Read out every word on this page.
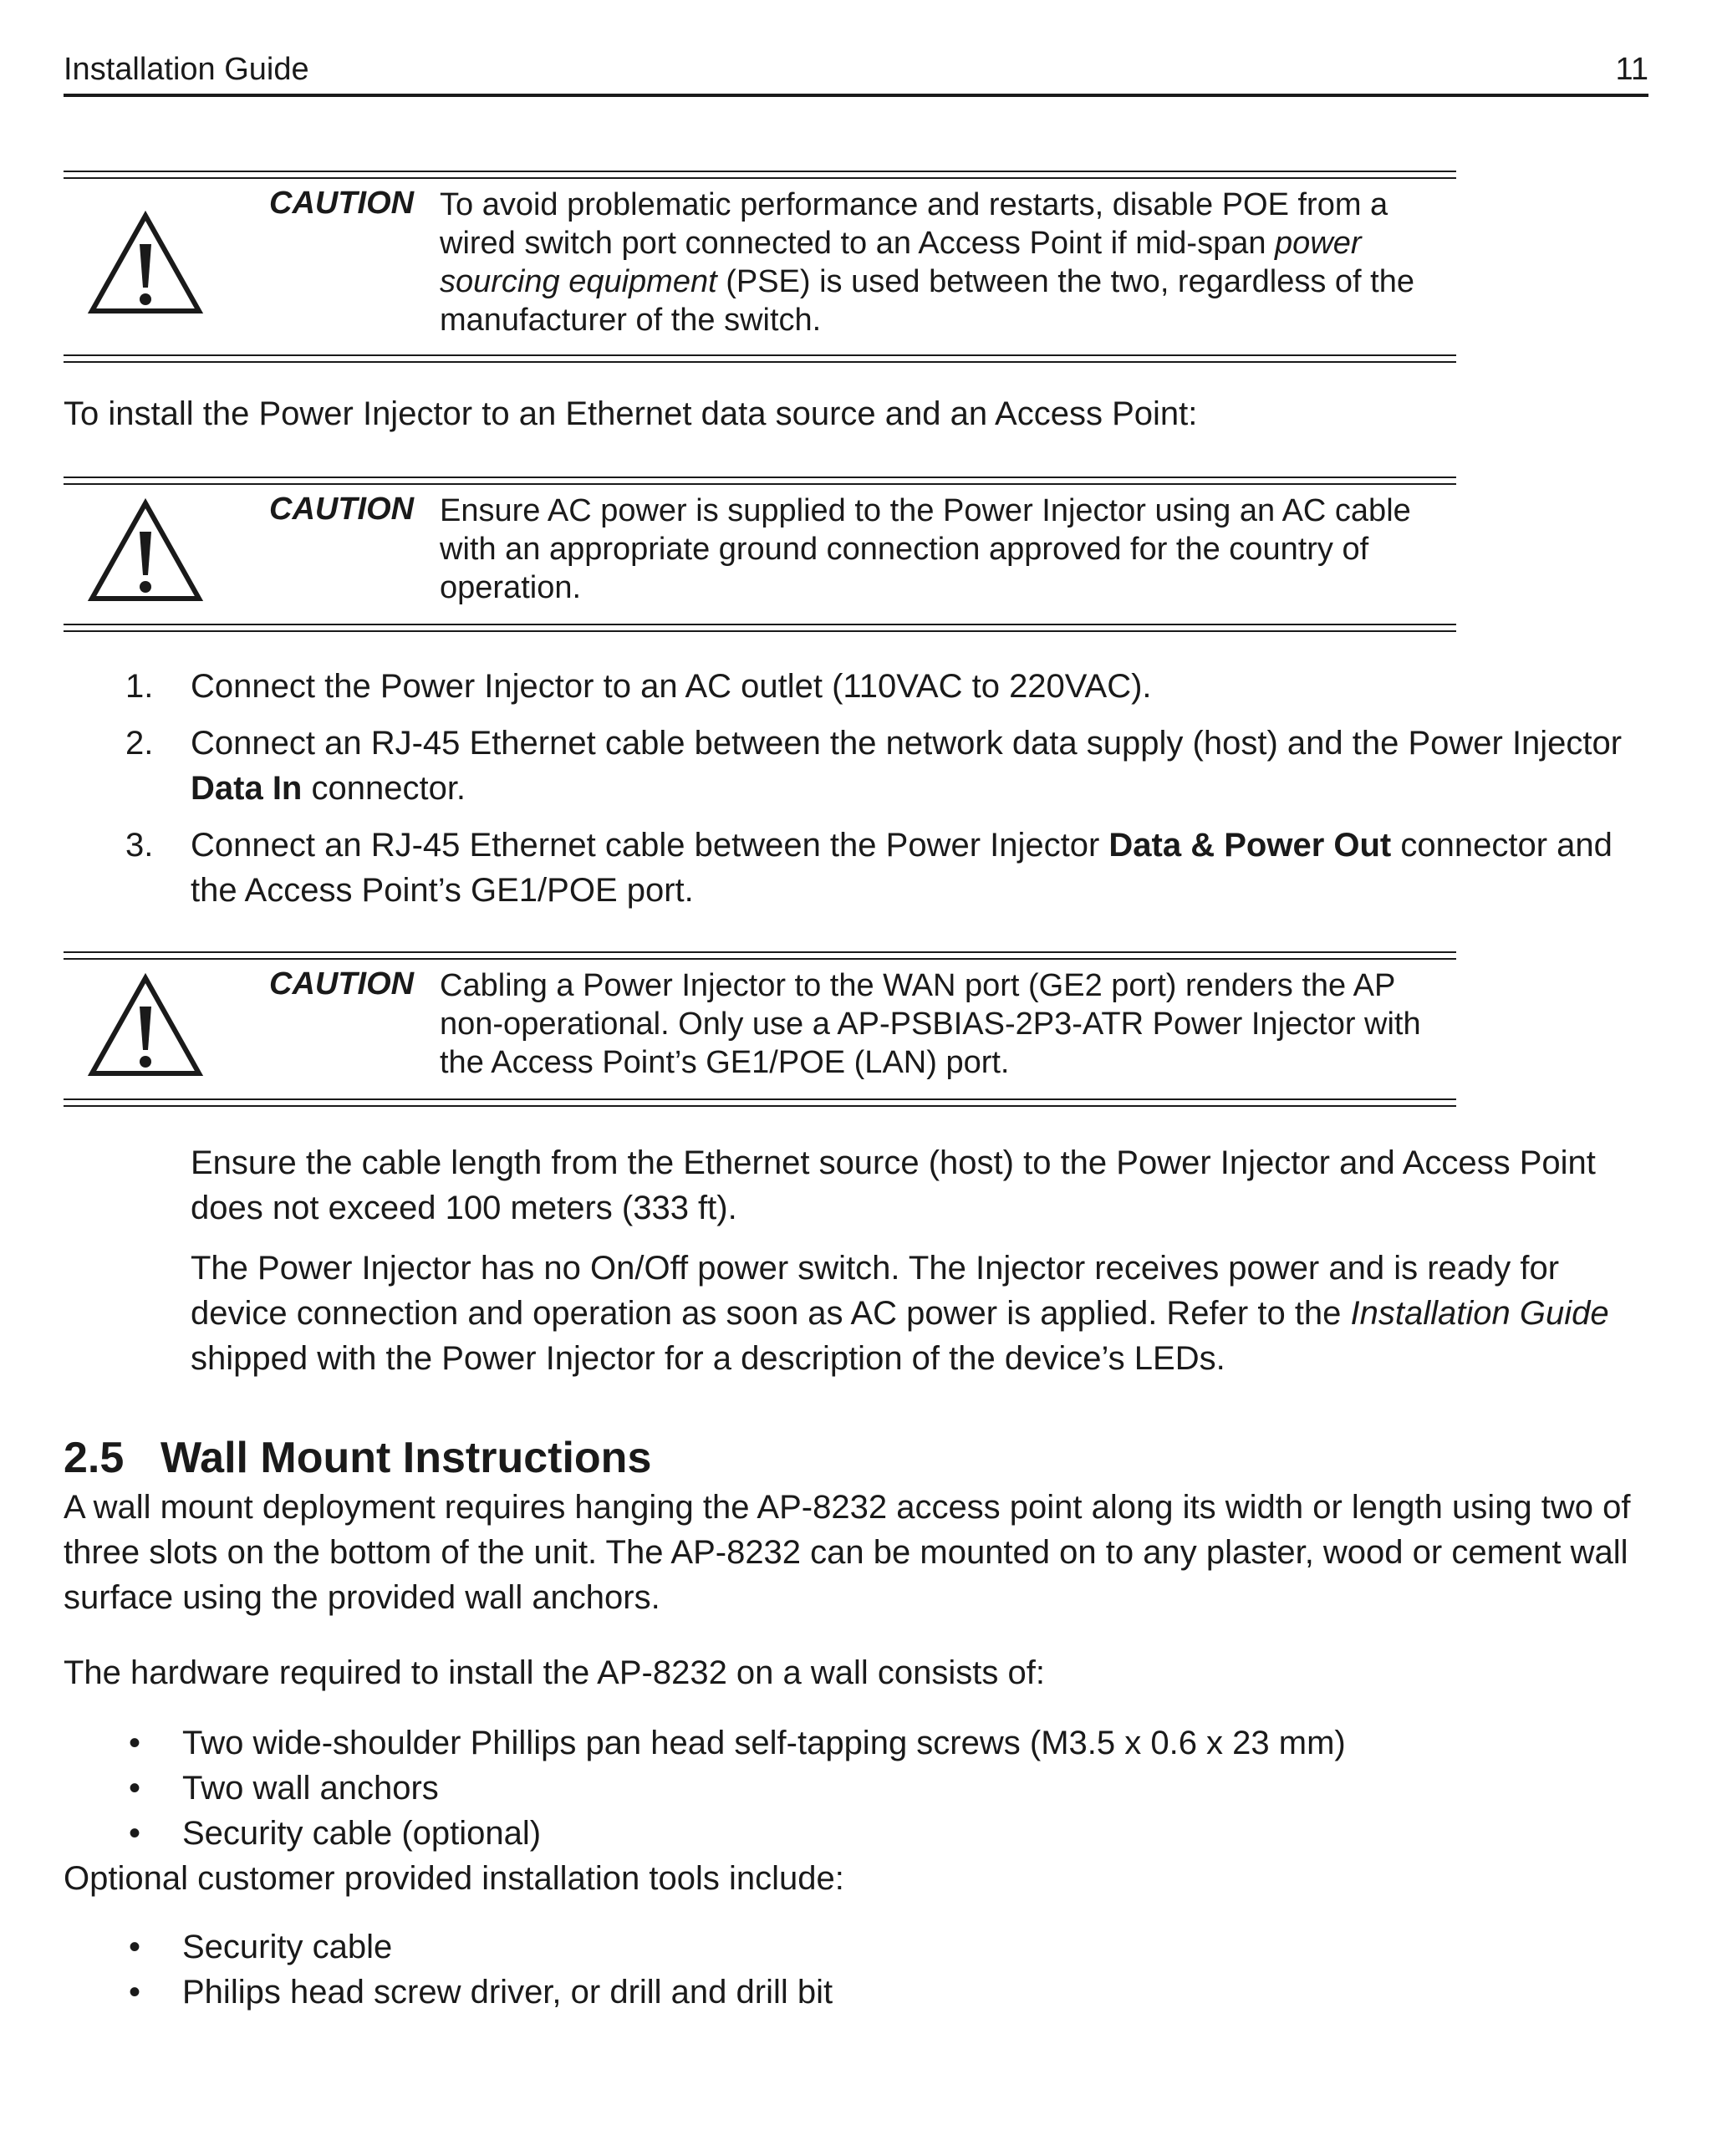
Installation Guide	11
CAUTION To avoid problematic performance and restarts, disable POE from a wired switch port connected to an Access Point if mid-span power sourcing equipment (PSE) is used between the two, regardless of the manufacturer of the switch.

To install the Power Injector to an Ethernet data source and an Access Point:

CAUTION Ensure AC power is supplied to the Power Injector using an AC cable with an appropriate ground connection approved for the country of operation.
1. Connect the Power Injector to an AC outlet (110VAC to 220VAC).

2. Connect an RJ-45 Ethernet cable between the network data supply (host) and the Power Injector Data In connector.

3. Connect an RJ-45 Ethernet cable between the Power Injector Data & Power Out connector and the Access Point’s GE1/POE port.

CAUTION Cabling a Power Injector to the WAN port (GE2 port) renders the AP non-operational. Only use a AP-PSBIAS-2P3-ATR Power Injector with the Access Point’s GE1/POE (LAN) port.

Ensure the cable length from the Ethernet source (host) to the Power Injector and Access Point does not exceed 100 meters (333 ft).

The Power Injector has no On/Off power switch. The Injector receives power and is ready for device connection and operation as soon as AC power is applied. Refer to the Installation Guide shipped with the Power Injector for a description of the device’s LEDs.

2.5 Wall Mount Instructions

A wall mount deployment requires hanging the AP-8232 access point along its width or length using two of three slots on the bottom of the unit. The AP-8232 can be mounted on to any plaster, wood or cement wall surface using the provided wall anchors.

The hardware required to install the AP-8232 on a wall consists of:

• Two wide-shoulder Phillips pan head self-tapping screws (M3.5 x 0.6 x 23 mm)

• Two wall anchors

• Security cable (optional)

Optional customer provided installation tools include:

• Security cable

• Philips head screw driver, or drill and drill bit
